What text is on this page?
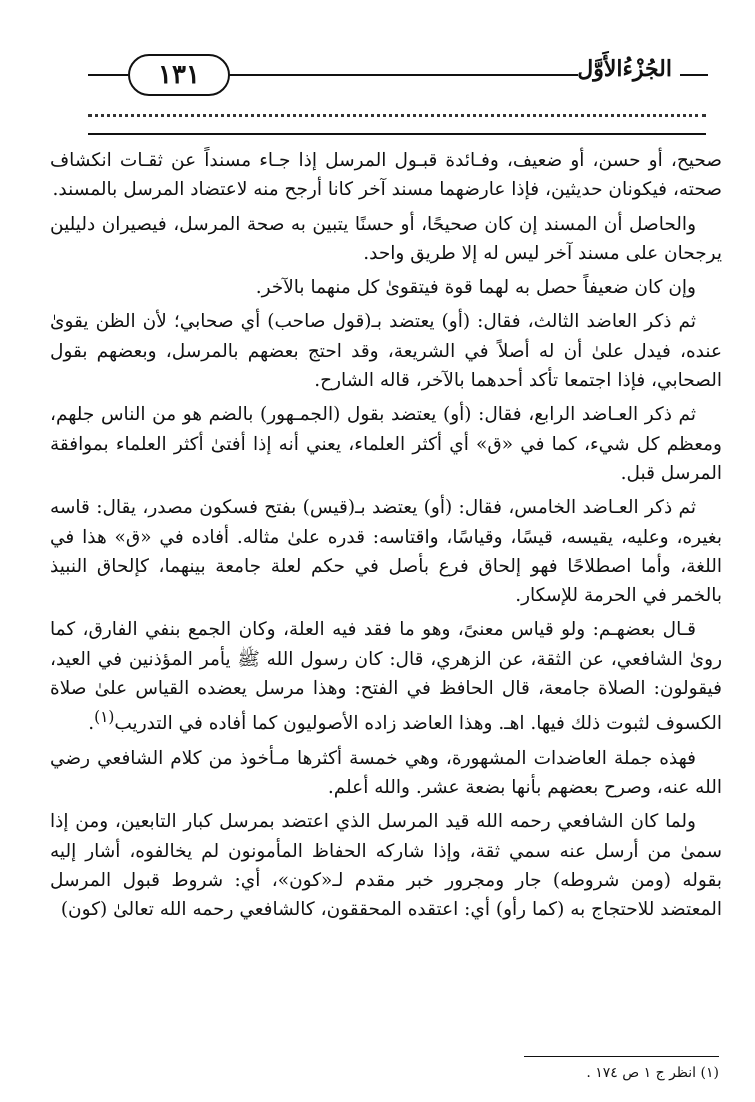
١٣١	الجُزْءُالأَوَّل

صحيح، أو حسن، أو ضعيف، وفـائدة قبـول المرسل إذا جـاء مسنداً عن ثقـات انكشاف صحته، فيكونان حديثين، فإذا عارضهما مسند آخر كانا أرجح منه لاعتضاد المرسل بالمسند.

والحاصل أن المسند إن كان صحيحًا، أو حسنًا يتبين به صحة المرسل، فيصيران دليلين يرجحان على مسند آخر ليس له إلا طريق واحد.

وإن كان ضعيفاً حصل به لهما قوة فيتقوىٰ كل منهما بالآخر.

ثم ذكر العاضد الثالث، فقال: (أو) يعتضد بـ(قول صاحب) أي صحابي؛ لأن الظن يقوىٰ عنده، فيدل علىٰ أن له أصلاً في الشريعة، وقد احتج بعضهم بالمرسل، وبعضهم بقول الصحابي، فإذا اجتمعا تأكد أحدهما بالآخر، قاله الشارح.

ثم ذكر العـاضد الرابع، فقال: (أو) يعتضد بقول (الجمـهور) بالضم هو من الناس جلهم، ومعظم كل شيء، كما في «ق» أي أكثر العلماء، يعني أنه إذا أفتىٰ أكثر العلماء بموافقة المرسل قبل.

ثم ذكر العـاضد الخامس، فقال: (أو) يعتضد بـ(قيس) بفتح فسكون مصدر، يقال: قاسه بغيره، وعليه، يقيسه، قيسًا، وقياسًا، واقتاسه: قدره علىٰ مثاله. أفاده في «ق» هذا في اللغة، وأما اصطلاحًا فهو إلحاق فرع بأصل في حكم لعلة جامعة بينهما، كإلحاق النبيذ بالخمر في الحرمة للإسكار.

قـال بعضهـم: ولو قياس معنىً، وهو ما فقد فيه العلة، وكان الجمع بنفي الفارق، كما روىٰ الشافعي، عن الثقة، عن الزهري، قال: كان رسول الله ﷺ يأمر المؤذنين في العيد، فيقولون: الصلاة جامعة، قال الحافظ في الفتح: وهذا مرسل يعضده القياس علىٰ صلاة الكسوف لثبوت ذلك فيها. اهـ. وهذا العاضد زاده الأصوليون كما أفاده في التدريب$^{(١)}$.

فهذه جملة العاضدات المشهورة، وهي خمسة أكثرها مـأخوذ من كلام الشافعي رضي الله عنه، وصرح بعضهم بأنها بضعة عشر. والله أعلم.

ولما كان الشافعي رحمه الله قيد المرسل الذي اعتضد بمرسل كبار التابعين، ومن إذا سمىٰ من أرسل عنه سمي ثقة، وإذا شاركه الحفاظ المأمونون لم يخالفوه، أشار إليه بقوله (ومن شروطه) جار ومجرور خبر مقدم لـ«كون»، أي: شروط قبول المرسل المعتضد للاحتجاج به (كما رأو) أي: اعتقده المحققون، كالشافعي رحمه الله تعالىٰ (كون)

(١) انظر ج ١ ص ١٧٤ .
